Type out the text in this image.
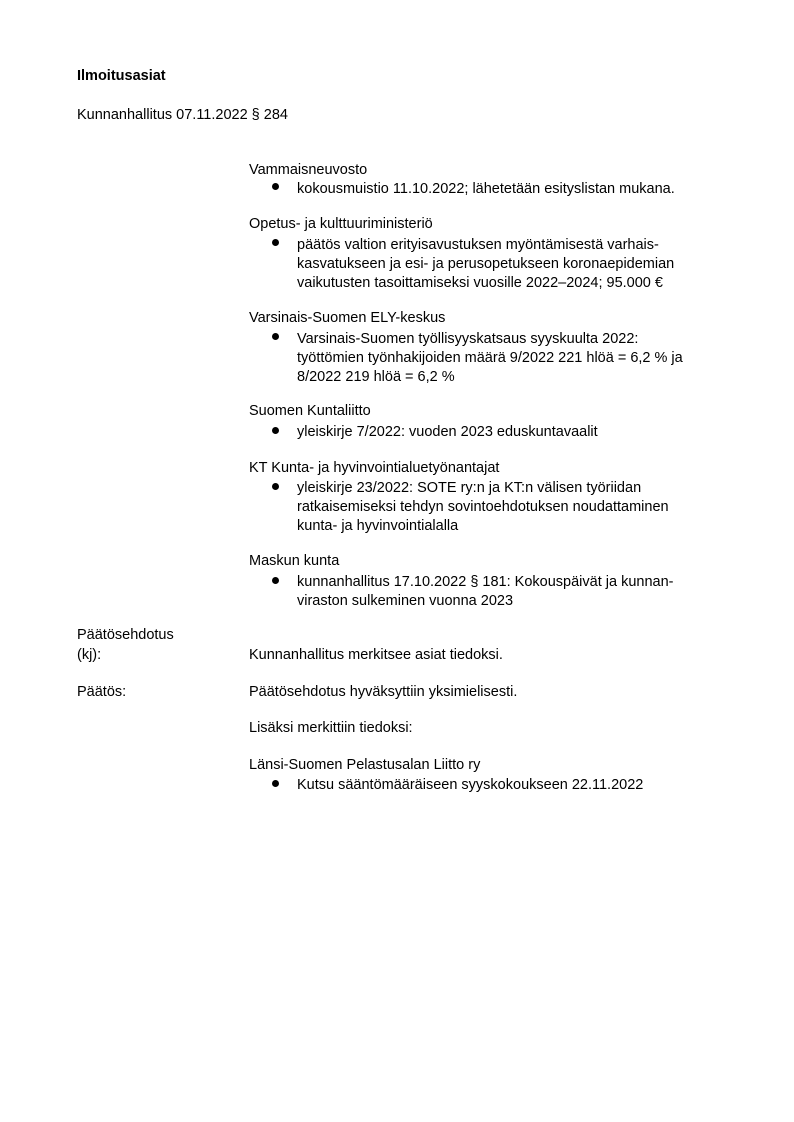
Ilmoitusasiat
Kunnanhallitus 07.11.2022 § 284
Vammaisneuvosto
kokousmuistio 11.10.2022; lähetetään esityslistan mukana.
Opetus- ja kulttuuriministeriö
päätös valtion erityisavustuksen myöntämisestä varhais-
kasvatukseen ja esi- ja perusopetukseen koronaepidemian
vaikutusten tasoittamiseksi vuosille 2022–2024; 95.000 €
Varsinais-Suomen ELY-keskus
Varsinais-Suomen työllisyyskatsaus syyskuulta 2022:
työttömien työnhakijoiden määrä 9/2022 221 hlöä = 6,2 % ja
8/2022 219 hlöä = 6,2 %
Suomen Kuntaliitto
yleiskirje 7/2022: vuoden 2023 eduskuntavaalit
KT Kunta- ja hyvinvointialuetyönantajat
yleiskirje 23/2022: SOTE ry:n ja KT:n välisen työriidan
ratkaisemiseksi tehdyn sovintoehdotuksen noudattaminen
kunta- ja hyvinvointialalla
Maskun kunta
kunnanhallitus 17.10.2022 § 181: Kokouspäivät ja kunnan-
viraston sulkeminen vuonna 2023
Päätösehdotus
(kj):	Kunnanhallitus merkitsee asiat tiedoksi.
Päätös:	Päätösehdotus hyväksyttiin yksimielisesti.
Lisäksi merkittiin tiedoksi:
Länsi-Suomen Pelastusalan Liitto ry
Kutsu sääntömääräiseen syyskokoukseen 22.11.2022
